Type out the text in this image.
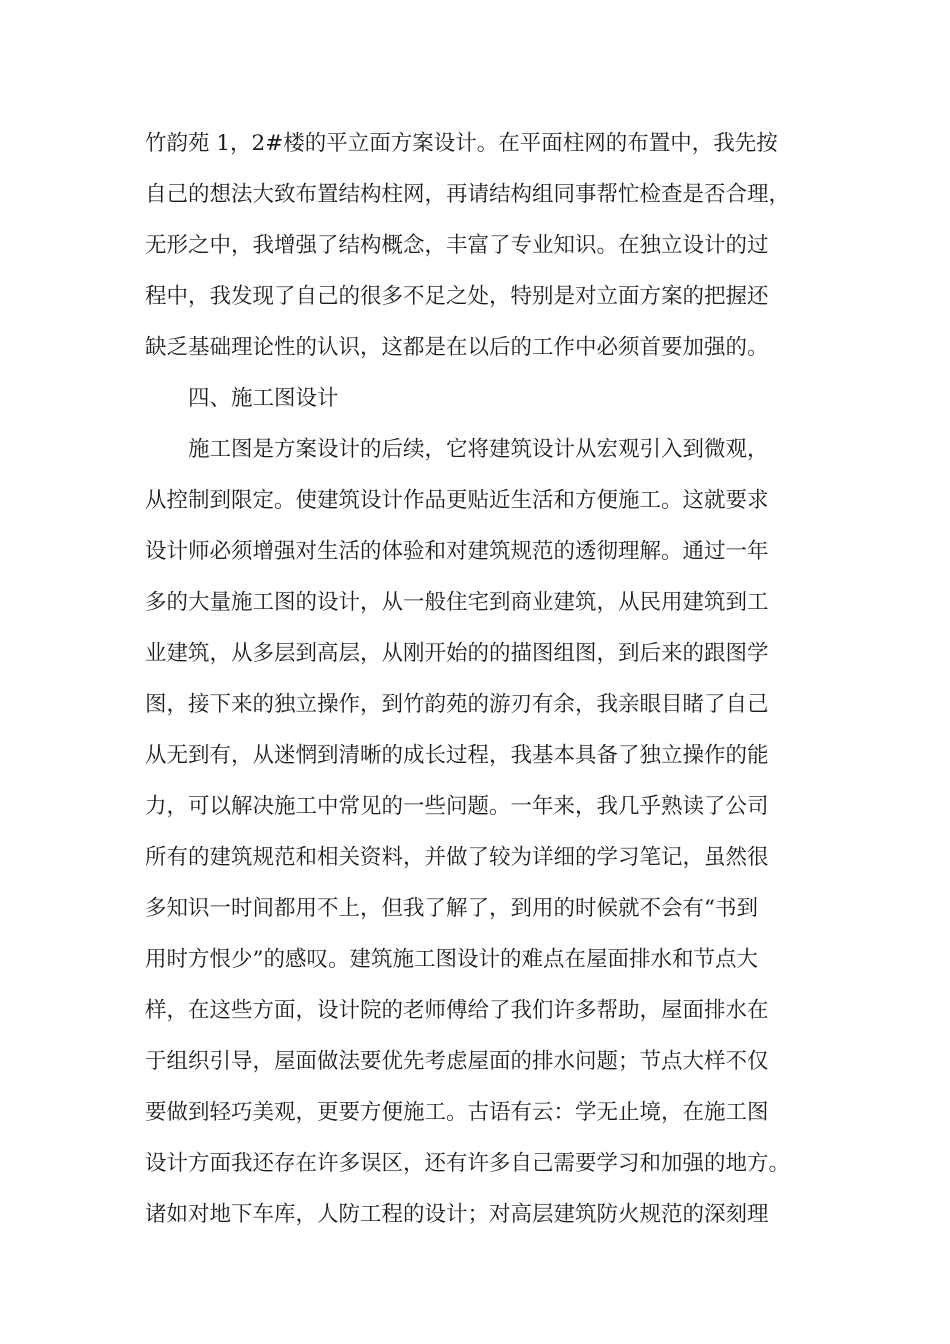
竹韵苑 1，2#楼的平立面方案设计。在平面柱网的布置中，我先按
自己的想法大致布置结构柱网，再请结构组同事帮忙检查是否合理，
无形之中，我增强了结构概念，丰富了专业知识。在独立设计的过
程中，我发现了自己的很多不足之处，特别是对立面方案的把握还
缺乏基础理论性的认识，这都是在以后的工作中必须首要加强的。
四、施工图设计
施工图是方案设计的后续，它将建筑设计从宏观引入到微观，
从控制到限定。使建筑设计作品更贴近生活和方便施工。这就要求
设计师必须增强对生活的体验和对建筑规范的透彻理解。通过一年
多的大量施工图的设计，从一般住宅到商业建筑，从民用建筑到工
业建筑，从多层到高层，从刚开始的的描图组图，到后来的跟图学
图，接下来的独立操作，到竹韵苑的游刃有余，我亲眼目睹了自己
从无到有，从迷惘到清晰的成长过程，我基本具备了独立操作的能
力，可以解决施工中常见的一些问题。一年来，我几乎熟读了公司
所有的建筑规范和相关资料，并做了较为详细的学习笔记，虽然很
多知识一时间都用不上，但我了解了，到用的时候就不会有“书到
用时方恨少”的感叹。建筑施工图设计的难点在屋面排水和节点大
样，在这些方面，设计院的老师傅给了我们许多帮助，屋面排水在
于组织引导，屋面做法要优先考虑屋面的排水问题；节点大样不仅
要做到轻巧美观，更要方便施工。古语有云：学无止境，在施工图
设计方面我还存在许多误区，还有许多自己需要学习和加强的地方。
诸如对地下车库，人防工程的设计；对高层建筑防火规范的深刻理
